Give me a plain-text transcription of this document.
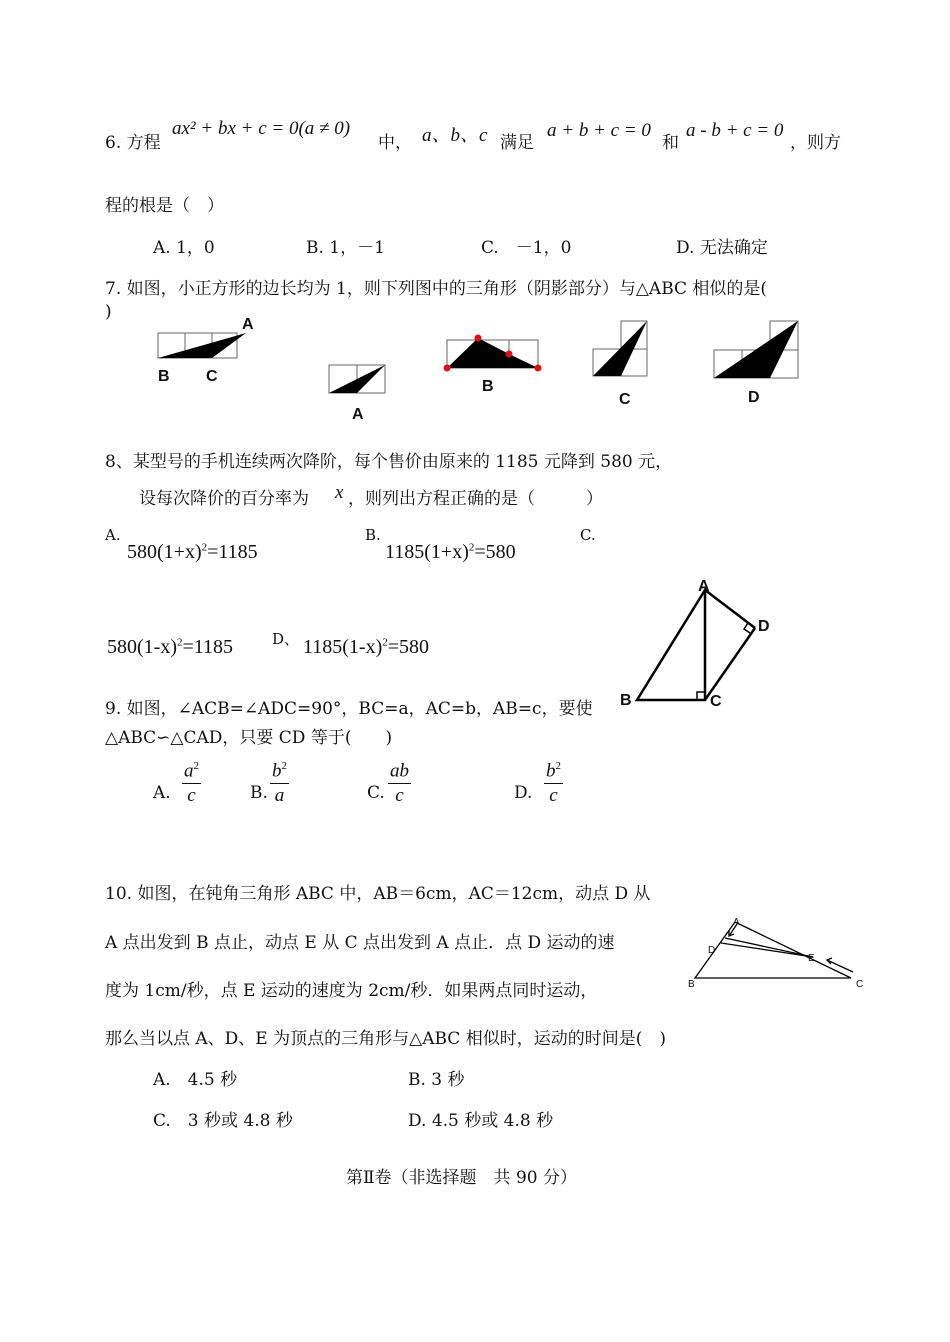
6. 方程
ax² + bx + c = 0(a ≠ 0)
中， a、b、c 满足
a + b + c = 0
和
a - b + c = 0
，则方
程的根是（　）
A. 1，0	B. 1，－1	C.　－1，0	D. 无法确定
7. 如图，小正方形的边长均为 1，则下列图中的三角形（阴影部分）与△ABC 相似的是(
)
A
B C
A
B
C	D
8、某型号的手机连续两次降阶，每个售价由原来的 1185 元降到 580 元，
设每次降价的百分率为 x ，则列出方程正确的是（　　　）
A.
$580(1+x)^2=1185$
B.
$1185(1+x)^2=580$
C.
$580(1-x)^2=1185$	D、 $1185(1-x)^2=580$
A
B	C
D
9. 如图，∠ACB=∠ADC=90°，BC=a，AC=b，AB=c，要使
△ABC∽△CAD，只要 CD 等于(　　)
A. $\frac{a^2}{c}$	B. $\frac{b^2}{a}$	C. $\frac{ab}{c}$	D. $\frac{b^2}{c}$
10. 如图，在钝角三角形 ABC 中，AB＝6cm，AC＝12cm，动点 D 从
A 点出发到 B 点止，动点 E 从 C 点出发到 A 点止．点 D 运动的速
度为 1cm/秒，点 E 运动的速度为 2cm/秒．如果两点同时运动，
那么当以点 A、D、E 为顶点的三角形与△ABC 相似时，运动的时间是(　)
A
D
E
B	C
A.　4.5 秒	B. 3 秒
C.　3 秒或 4.8 秒	D. 4.5 秒或 4.8 秒
第Ⅱ卷（非选择题　共 90 分）
